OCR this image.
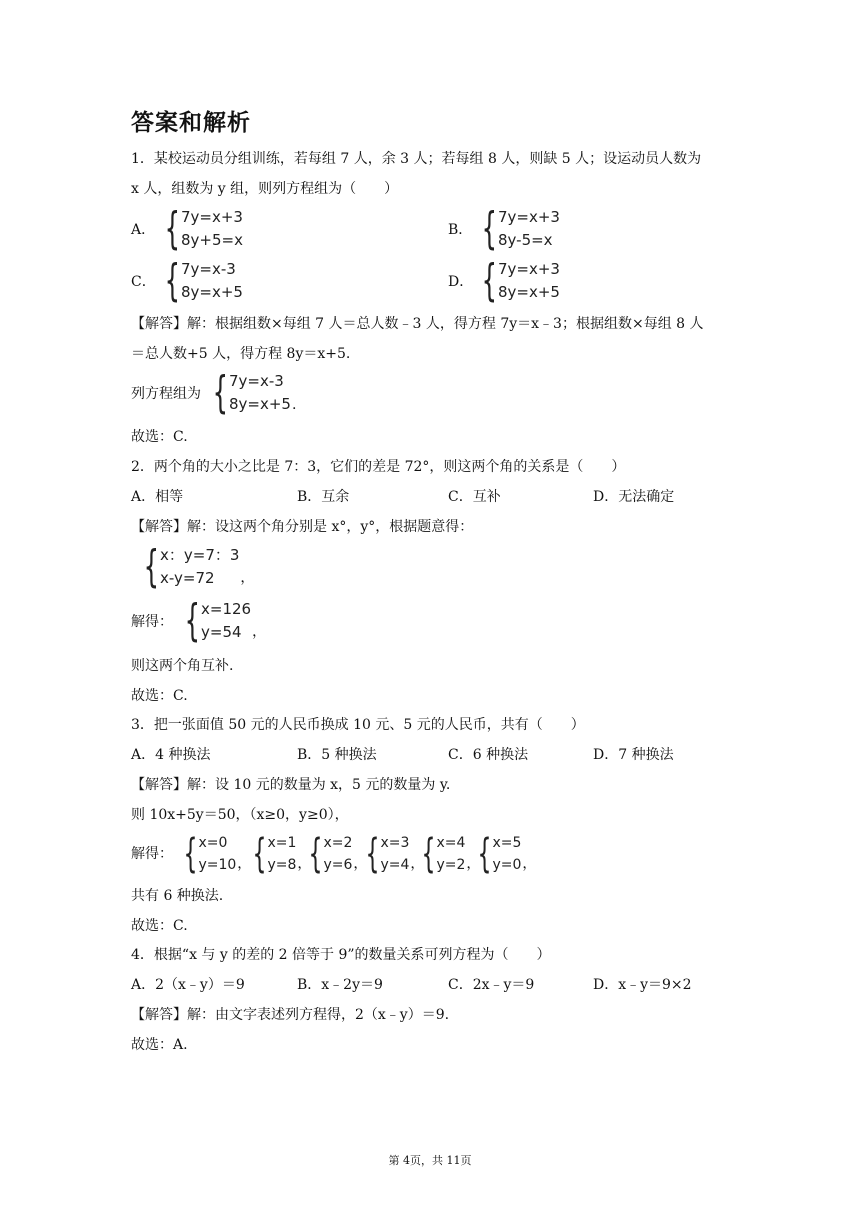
答案和解析
1．某校运动员分组训练，若每组 7 人，余 3 人；若每组 8 人，则缺 5 人；设运动员人数为
x 人，组数为 y 组，则列方程组为（　　）
A． { 7y=x+3
8y+5=x
B． { 7y=x+3
8y-5=x
C． { 7y=x-3
8y=x+5
D． { 7y=x+3
8y=x+5
【解答】解：根据组数×每组 7 人＝总人数﹣3 人，得方程 7y＝x﹣3；根据组数×每组 8 人
＝总人数+5 人，得方程 8y＝x+5.
列方程组为 { 7y=x-3
8y=x+5 .
故选：C.
2．两个角的大小之比是 7：3，它们的差是 72°，则这两个角的关系是（　　）
A．相等	B．互余	C．互补	D．无法确定
【解答】解：设这两个角分别是 x°，y°，根据题意得：
{ x：y=7：3
x-y=72	，
解得： { x=126
y=54 ，
则这两个角互补.
故选：C.
3．把一张面值 50 元的人民币换成 10 元、5 元的人民币，共有（　　）
A．4 种换法	B．5 种换法	C．6 种换法	D．7 种换法
【解答】解：设 10 元的数量为 x，5 元的数量为 y.
则 10x+5y＝50，（x≥0，y≥0），
解得： { x=0
y=10 ， { x=1
y=8 ，
{ x=2
y=6 ，
{ x=3
y=4 ，
{ x=4
y=2 ，
{ x=5
y=0 ，
共有 6 种换法.
故选：C.
4．根据“x 与 y 的差的 2 倍等于 9”的数量关系可列方程为（　　）
A．2（x﹣y）＝9	B．x﹣2y＝9	C．2x﹣y＝9	D．x﹣y＝9×2
【解答】解：由文字表述列方程得，2（x﹣y）＝9.
故选：A.
第 4页，共 11页
